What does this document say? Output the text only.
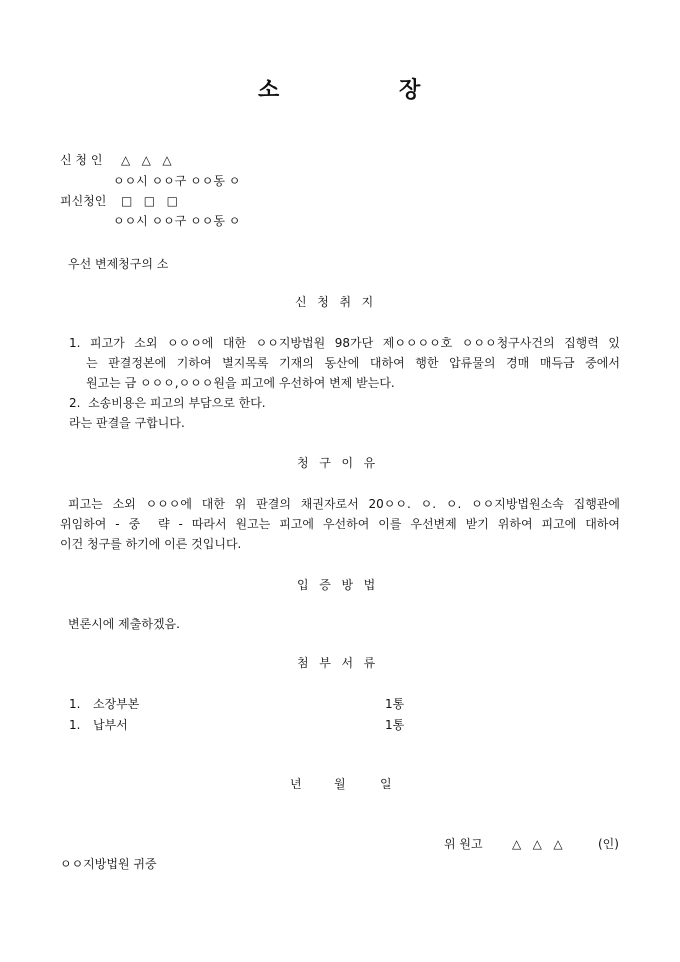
소	장
신 청 인 △   △   △
ㅇㅇ시 ㅇㅇ구 ㅇㅇ동 ㅇ
피신청인 □   □   □
ㅇㅇ시 ㅇㅇ구 ㅇㅇ동 ㅇ
우선 변제청구의 소
신  청  취  지
1. 피고가 소외 ㅇㅇㅇ에 대한 ㅇㅇ지방법원 98가단 제ㅇㅇㅇㅇ호 ㅇㅇㅇ청구사건의 집행력 있
는 판결정본에 기하여 별지목록 기재의 동산에 대하여 행한 압류물의 경매 매득금 중에서
원고는 금 ㅇㅇㅇ,ㅇㅇㅇ원을 피고에 우선하여 변제 받는다.
2.  소송비용은 피고의 부담으로 한다.
라는 판결을 구합니다.
청  구  이  유
피고는 소외 ㅇㅇㅇ에 대한 위 판결의 채권자로서 20ㅇㅇ. ㅇ. ㅇ. ㅇㅇ지방법원소속 집행관에
위임하여 - 중  략 - 따라서 원고는 피고에 우선하여 이를 우선변제 받기 위하여 피고에 대하여
이건 청구를 하기에 이른 것입니다.
입  증  방  법
변론시에 제출하겠음.
첨  부  서  류
1. 소장부본	1통
1. 납부서	1통
년	월	일
위 원고 △   △   △	(인)
ㅇㅇ지방법원 귀중
